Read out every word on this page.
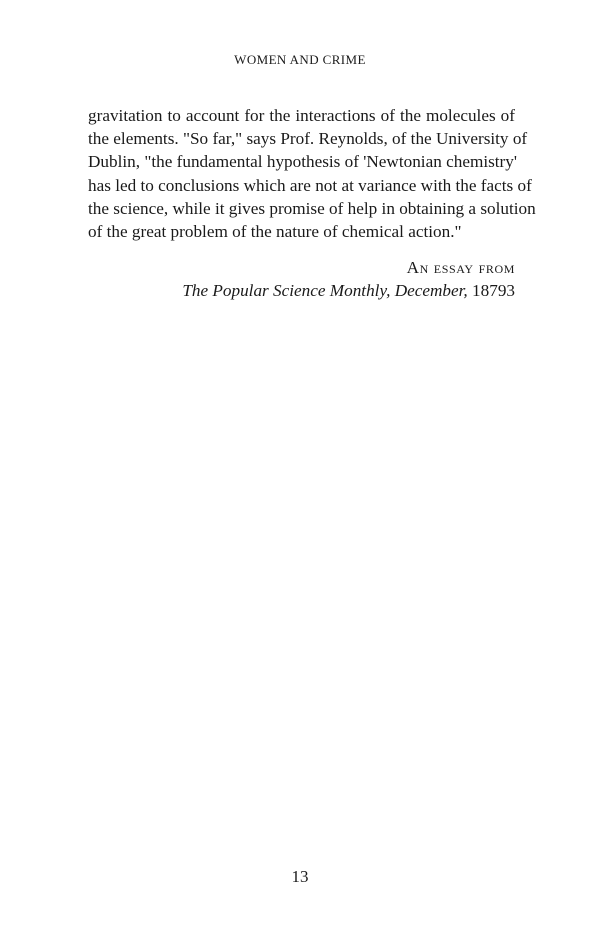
WOMEN AND CRIME

gravitation to account for the interactions of the molecules of
the elements. "So far," says Prof. Reynolds, of the University of
Dublin, "the fundamental hypothesis of 'Newtonian chemistry'
has led to conclusions which are not at variance with the facts of
the science, while it gives promise of help in obtaining a solution
of the great problem of the nature of chemical action."

An essay from
The Popular Science Monthly, December, 18793
13
